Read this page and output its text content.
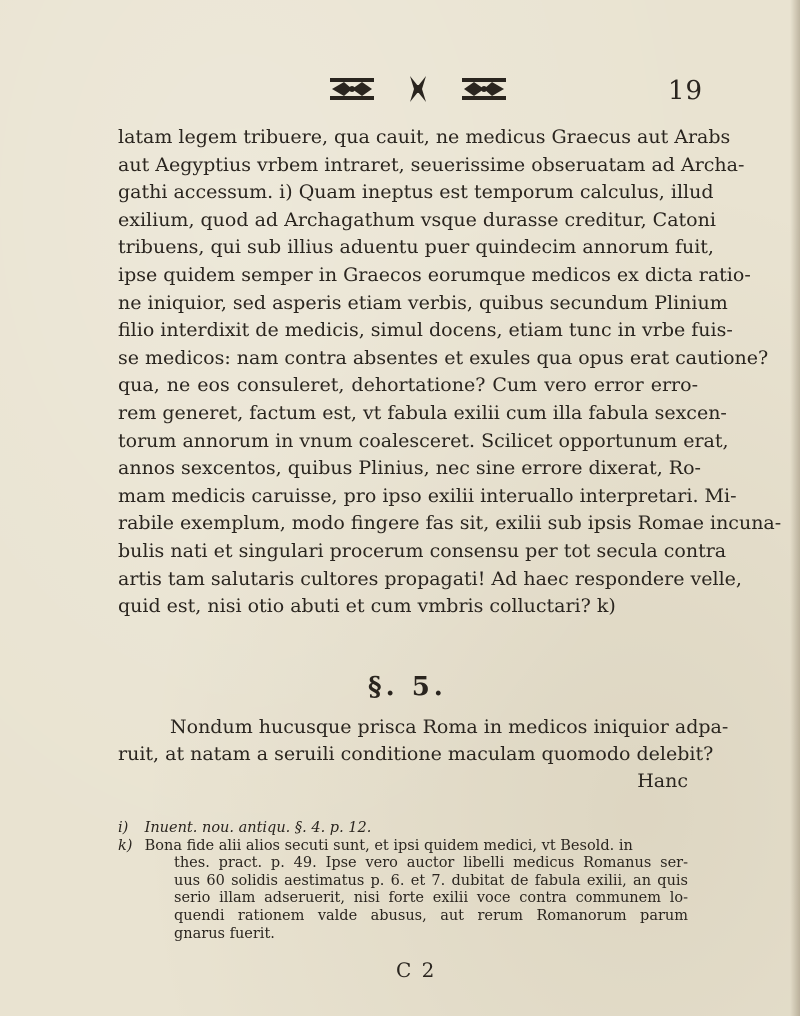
19
latam legem tribuere, qua cauit, ne medicus Graecus aut Arabs
aut Aegyptius vrbem intraret, seuerissime obseruatam ad Archa-
gathi accessum. i) Quam ineptus est temporum calculus, illud
exilium, quod ad Archagathum vsque durasse creditur, Catoni
tribuens, qui sub illius aduentu puer quindecim annorum fuit,
ipse quidem semper in Graecos eorumque medicos ex dicta ratio-
ne iniquior, sed asperis etiam verbis, quibus secundum Plinium
filio interdixit de medicis, simul docens, etiam tunc in vrbe fuis-
se medicos: nam contra absentes et exules qua opus erat cautione?
qua, ne eos consuleret, dehortatione? Cum vero error erro-
rem generet, factum est, vt fabula exilii cum illa fabula sexcen-
torum annorum in vnum coalesceret. Scilicet opportunum erat,
annos sexcentos, quibus Plinius, nec sine errore dixerat, Ro-
mam medicis caruisse, pro ipso exilii interuallo interpretari. Mi-
rabile exemplum, modo fingere fas sit, exilii sub ipsis Romae incuna-
bulis nati et singulari procerum consensu per tot secula contra
artis tam salutaris cultores propagati! Ad haec respondere velle,
quid est, nisi otio abuti et cum vmbris colluctari? k)
§. 5.
Nondum hucusque prisca Roma in medicos iniquior adpa-
ruit, at natam a seruili conditione maculam quomodo delebit?
Hanc
i) Inuent. nou. antiqu. §. 4. p. 12.
k) Bona fide alii alios secuti sunt, et ipsi quidem medici, vt Besold. in
thes. pract. p. 49. Ipse vero auctor libelli medicus Romanus ser-
uus 60 solidis aestimatus p. 6. et 7. dubitat de fabula exilii, an quis
serio illam adseruerit, nisi forte exilii voce contra communem lo-
quendi rationem valde abusus, aut rerum Romanorum parum
gnarus fuerit.
C 2
